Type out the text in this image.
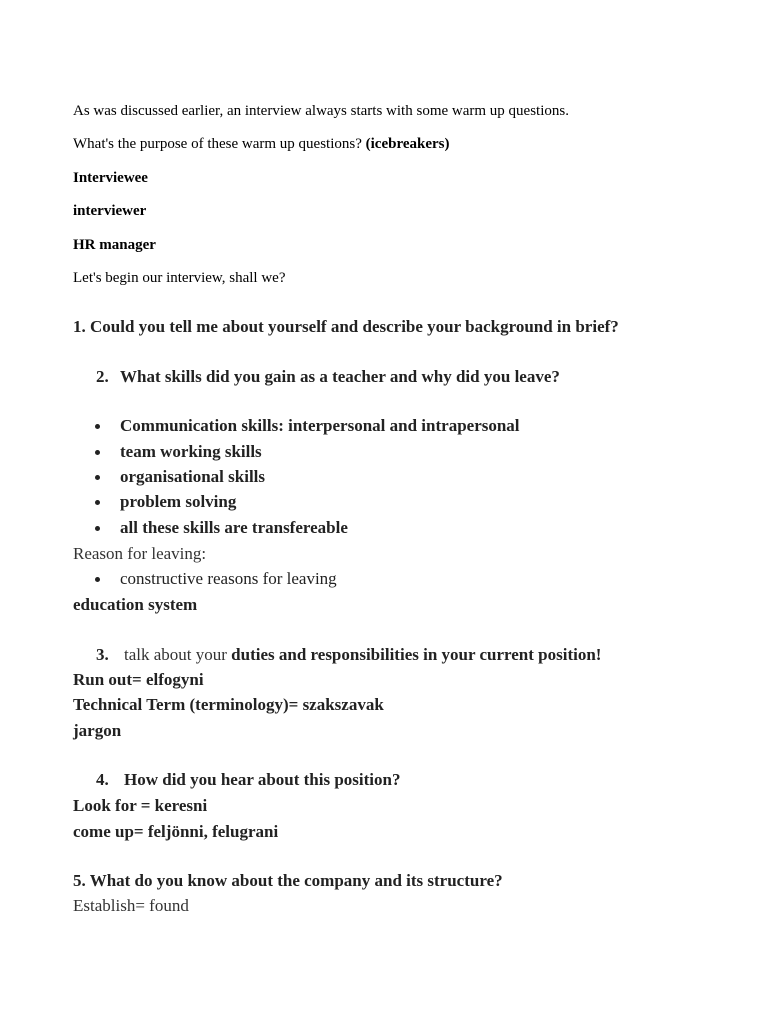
As was discussed earlier, an interview always starts with some warm up questions.
What's the purpose of these warm up questions? (icebreakers)
Interviewee
interviewer
HR manager
Let's begin our interview, shall we?
1. Could you tell me about yourself and describe your background in brief?
2. What skills did you gain as a teacher and why did you leave?
Communication skills: interpersonal and intrapersonal
team working skills
organisational skills
problem solving
all these skills are transfereable
Reason for leaving:
constructive reasons for leaving
education system
3. talk about your duties and responsibilities in your current position!
Run out= elfogyni
Technical Term (terminology)= szakszavak
jargon
4. How did you hear about this position?
Look for = keresni
come up= feljönni, felugrani
5. What do you know about the company and its structure?
Establish= found
